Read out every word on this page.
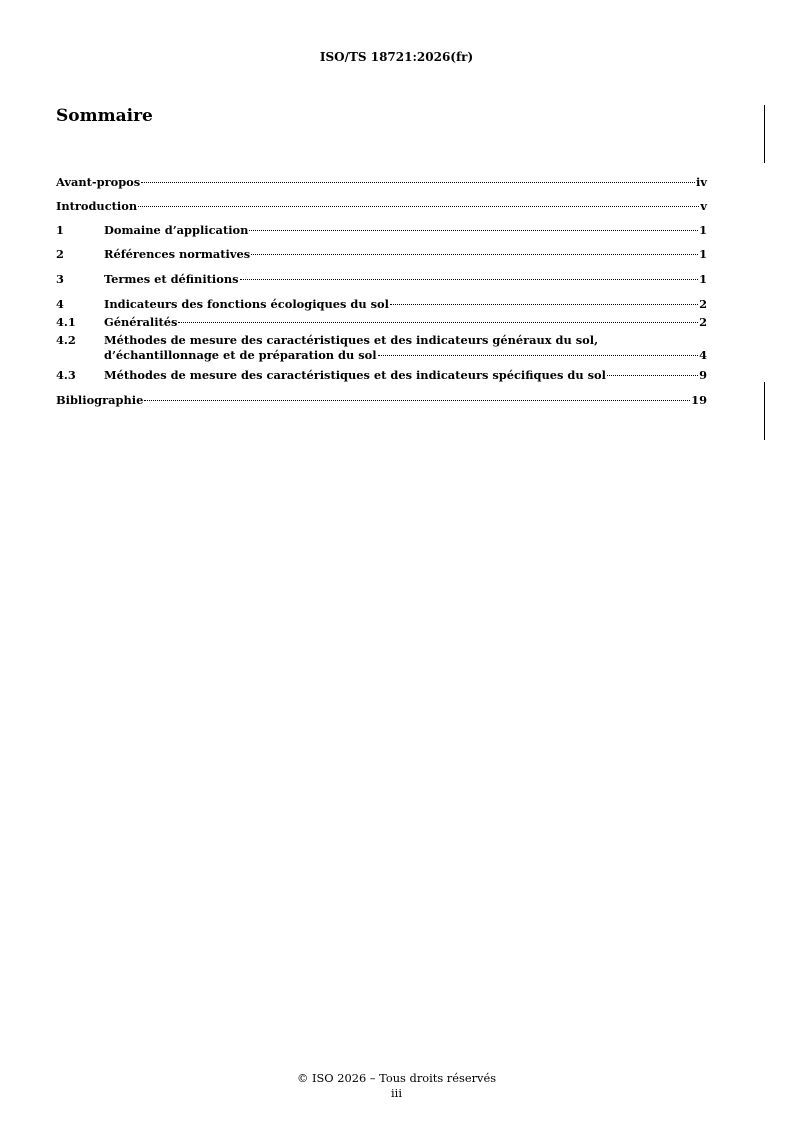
ISO/TS 18721:2026(fr)
Sommaire
Avant-propos	iv
Introduction	v
1	Domaine d’application	1
2	Références normatives	1
3	Termes et définitions	1
4	Indicateurs des fonctions écologiques du sol	2
4.1	Généralités	2
4.2	Méthodes de mesure des caractéristiques et des indicateurs généraux du sol,
d’échantillonnage et de préparation du sol	4
4.3	Méthodes de mesure des caractéristiques et des indicateurs spécifiques du sol	9
Bibliographie	19
© ISO 2026 – Tous droits réservés
iii
